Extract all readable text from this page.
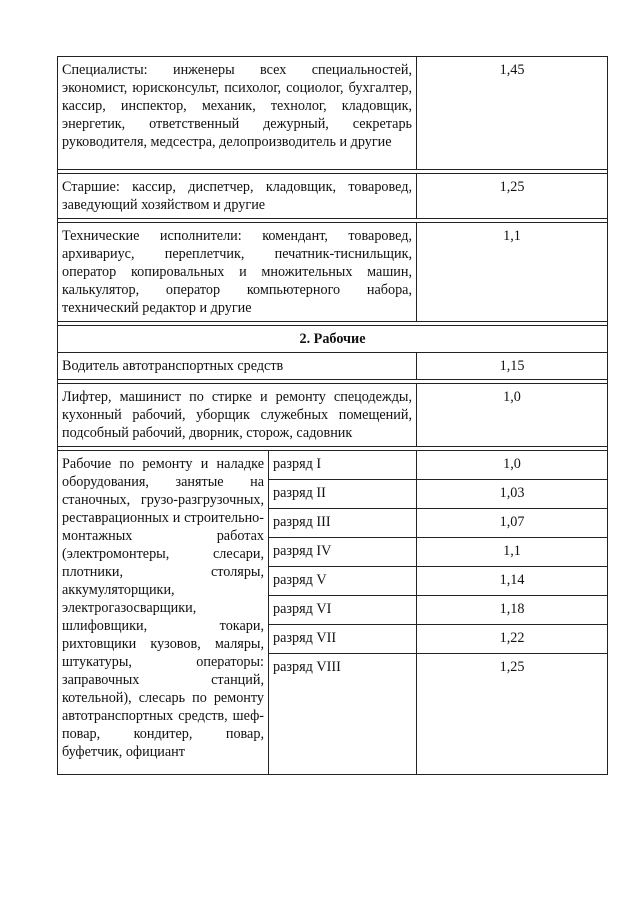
Специалисты: инженеры всех специальностей, экономист, юрисконсульт, психолог, социолог, бухгалтер, кассир, инспектор, механик, технолог, кладовщик, энергетик, ответственный дежурный, секретарь руководителя, медсестра, делопроизводитель и другие		1,45

Старшие: кассир, диспетчер, кладовщик, товаровед, заведующий хозяйством и другие		1,25

Технические исполнители: комендант, товаровед, архивариус, переплетчик, печатник-тиснильщик, оператор копировальных и множительных машин, калькулятор, оператор компьютерного набора, технический редактор и другие		1,1

2. Рабочие		
Водитель автотранспортных средств		1,15

Лифтер, машинист по стирке и ремонту спецодежды, кухонный рабочий, уборщик служебных помещений, подсобный рабочий, дворник, сторож, садовник		1,0

Рабочие по ремонту и наладке оборудования, занятые на станочных, грузо-разгрузочных, реставрационных и строительно-монтажных работах (электромонтеры, слесари, плотники, столяры, аккумуляторщики, электрогазосварщики, шлифовщики, токари, рихтовщики кузовов, маляры, штукатуры, операторы: заправочных станций, котельной), слесарь по ремонту автотранспортных средств, шеф-повар, кондитер, повар, буфетчик, официант	разряд I	1,0
	разряд II	1,03
	разряд III	1,07
	разряд IV	1,1
	разряд V	1,14
	разряд VI	1,18
	разряд VII	1,22
	разряд VIII	1,25
